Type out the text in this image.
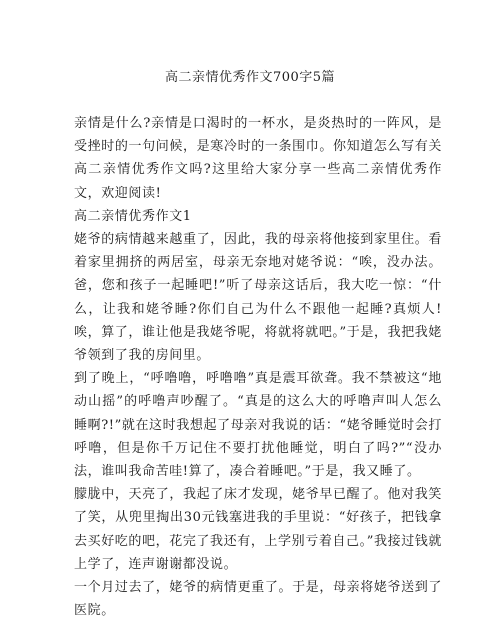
高二亲情优秀作文700字5篇

亲情是什么?亲情是口渴时的一杯水，是炎热时的一阵风，是受挫时的一句问候，是寒冷时的一条围巾。你知道怎么写有关高二亲情优秀作文吗?这里给大家分享一些高二亲情优秀作文，欢迎阅读!

高二亲情优秀作文1

姥爷的病情越来越重了，因此，我的母亲将他接到家里住。看着家里拥挤的两居室，母亲无奈地对姥爷说：“唉，没办法。爸，您和孩子一起睡吧!”听了母亲这话后，我大吃一惊：“什么，让我和姥爷睡?你们自己为什么不跟他一起睡?真烦人!唉，算了，谁让他是我姥爷呢，将就将就吧。”于是，我把我姥爷领到了我的房间里。

到了晚上，“呼噜噜，呼噜噜”真是震耳欲聋。我不禁被这“地动山摇”的呼噜声吵醒了。“真是的这么大的呼噜声叫人怎么睡啊?!”就在这时我想起了母亲对我说的话：“姥爷睡觉时会打呼噜，但是你千万记住不要打扰他睡觉，明白了吗?”“没办法，谁叫我命苦哇!算了，凑合着睡吧。”于是，我又睡了。

朦胧中，天亮了，我起了床才发现，姥爷早已醒了。他对我笑了笑，从兜里掏出30元钱塞进我的手里说：“好孩子，把钱拿去买好吃的吧，花完了我还有，上学别亏着自己。”我接过钱就上学了，连声谢谢都没说。

一个月过去了，姥爷的病情更重了。于是，母亲将姥爷送到了医院。
